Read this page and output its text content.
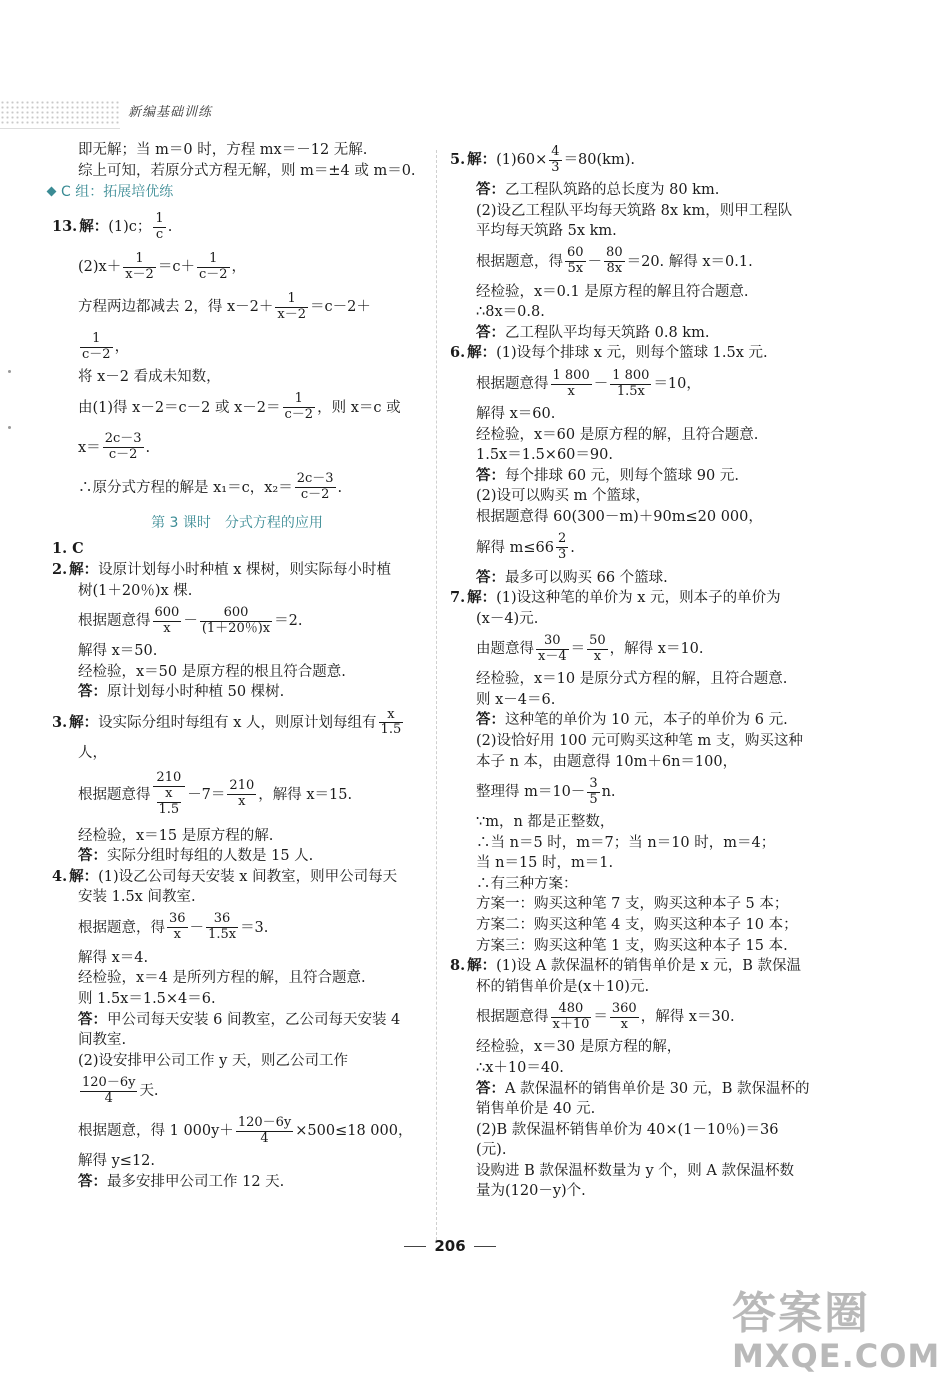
新编基础训练

即无解；当 m＝0 时，方程 mx＝－12 无解.

综上可知，若原分式方程无解，则 m＝±4 或 m＝0.

C 组：拓展培优练

13. 解：(1)c； $\frac{1}{c}$ .

$(2)x+ \frac{1}{x-2} =c+ \frac{1}{c-2}$ ，

方程两边都减去 2，得 $x-2+ \frac{1}{x-2} =c-2+$

$\frac{1}{c-2}$ ，

将 x－2 看成未知数，

由(1)得 x－2＝c－2 或 $x-2= \frac{1}{c-2}$ ，则 x＝c 或

$x= \frac{2c-3}{c-2}$ .

∴原分式方程的解是 x₁＝c，$x_2= \frac{2c-3}{c-2}$ .

第 3 课时　分式方程的应用

1. C

2. 解：设原计划每小时种植 x 棵树，则实际每小时植

树(1＋20％)x 棵.

根据题意得 $\frac{600}{x} - \frac{600}{(1+20\%)x} =2$.

解得 x＝50.

经检验，x＝50 是原方程的根且符合题意.

答：原计划每小时种植 50 棵树.

3. 解：设实际分组时每组有 x 人，则原计划每组有 $\frac{x}{1.5}$

人，

根据题意得 $\frac{210}{\frac{x}{1.5}} -7= \frac{210}{x}$ ，解得 x＝15.

经检验，x＝15 是原方程的解.

答：实际分组时每组的人数是 15 人.

4. 解：(1)设乙公司每天安装 x 间教室，则甲公司每天

安装 1.5x 间教室.

根据题意，得 $\frac{36}{x} - \frac{36}{1.5x} =3$.

解得 x＝4.

经检验，x＝4 是所列方程的解，且符合题意.

则 1.5x＝1.5×4＝6.

答：甲公司每天安装 6 间教室，乙公司每天安装 4

间教室.

(2)设安排甲公司工作 y 天，则乙公司工作

$\frac{120-6y}{4}$ 天.

根据题意，得 1 $000y+ \frac{120-6y}{4} \times 500\le 18$ 000，

解得 y≤12.

答：最多安排甲公司工作 12 天.

5. 解：$(1)60\times \frac{4}{3} =80(km)$.

答：乙工程队筑路的总长度为 80 km.

(2)设乙工程队平均每天筑路 8x km，则甲工程队

平均每天筑路 5x km.

根据题意，得 $\frac{60}{5x} - \frac{80}{8x} =20$. 解得 x＝0.1.

经检验，x＝0.1 是原方程的解且符合题意.

∴8x＝0.8.

答：乙工程队平均每天筑路 0.8 km.

6. 解：(1)设每个排球 x 元，则每个篮球 1.5x 元.

根据题意得 $\frac{1 800}{x} - \frac{1 800}{1.5x} =10$，

解得 x＝60.

经检验，x＝60 是原方程的解，且符合题意.

1.5x＝1.5×60＝90.

答：每个排球 60 元，则每个篮球 90 元.

(2)设可以购买 m 个篮球，

根据题意得 60(300－m)＋90m≤20 000，

解得 $m\le 66 \frac{2}{3}$ .

答：最多可以购买 66 个篮球.

7. 解：(1)设这种笔的单价为 x 元，则本子的单价为

(x－4)元.

由题意得 $\frac{30}{x-4} = \frac{50}{x}$ ，解得 x＝10.

经检验，x＝10 是原分式方程的解，且符合题意.

则 x－4＝6.

答：这种笔的单价为 10 元，本子的单价为 6 元.

(2)设恰好用 100 元可购买这种笔 m 支，购买这种

本子 n 本，由题意得 10m＋6n＝100，

整理得 $m=10- \frac{3}{5} n$.

∵m，n 都是正整数，

∴当 n＝5 时，m＝7；当 n＝10 时，m＝4；

当 n＝15 时，m＝1.

∴有三种方案：

方案一：购买这种笔 7 支，购买这种本子 5 本；

方案二：购买这种笔 4 支，购买这种本子 10 本；

方案三：购买这种笔 1 支，购买这种本子 15 本.

8. 解：(1)设 A 款保温杯的销售单价是 x 元，B 款保温

杯的销售单价是(x＋10)元.

根据题意得 $\frac{480}{x+10} = \frac{360}{x}$ ，解得 x＝30.

经检验，x＝30 是原方程的解，

∴x＋10＝40.

答：A 款保温杯的销售单价是 30 元，B 款保温杯的

销售单价是 40 元.

(2)B 款保温杯销售单价为 40×(1－10％)＝36

(元).

设购进 B 款保温杯数量为 y 个，则 A 款保温杯数

量为(120－y)个.

206
答案圈
MXQE.COM
